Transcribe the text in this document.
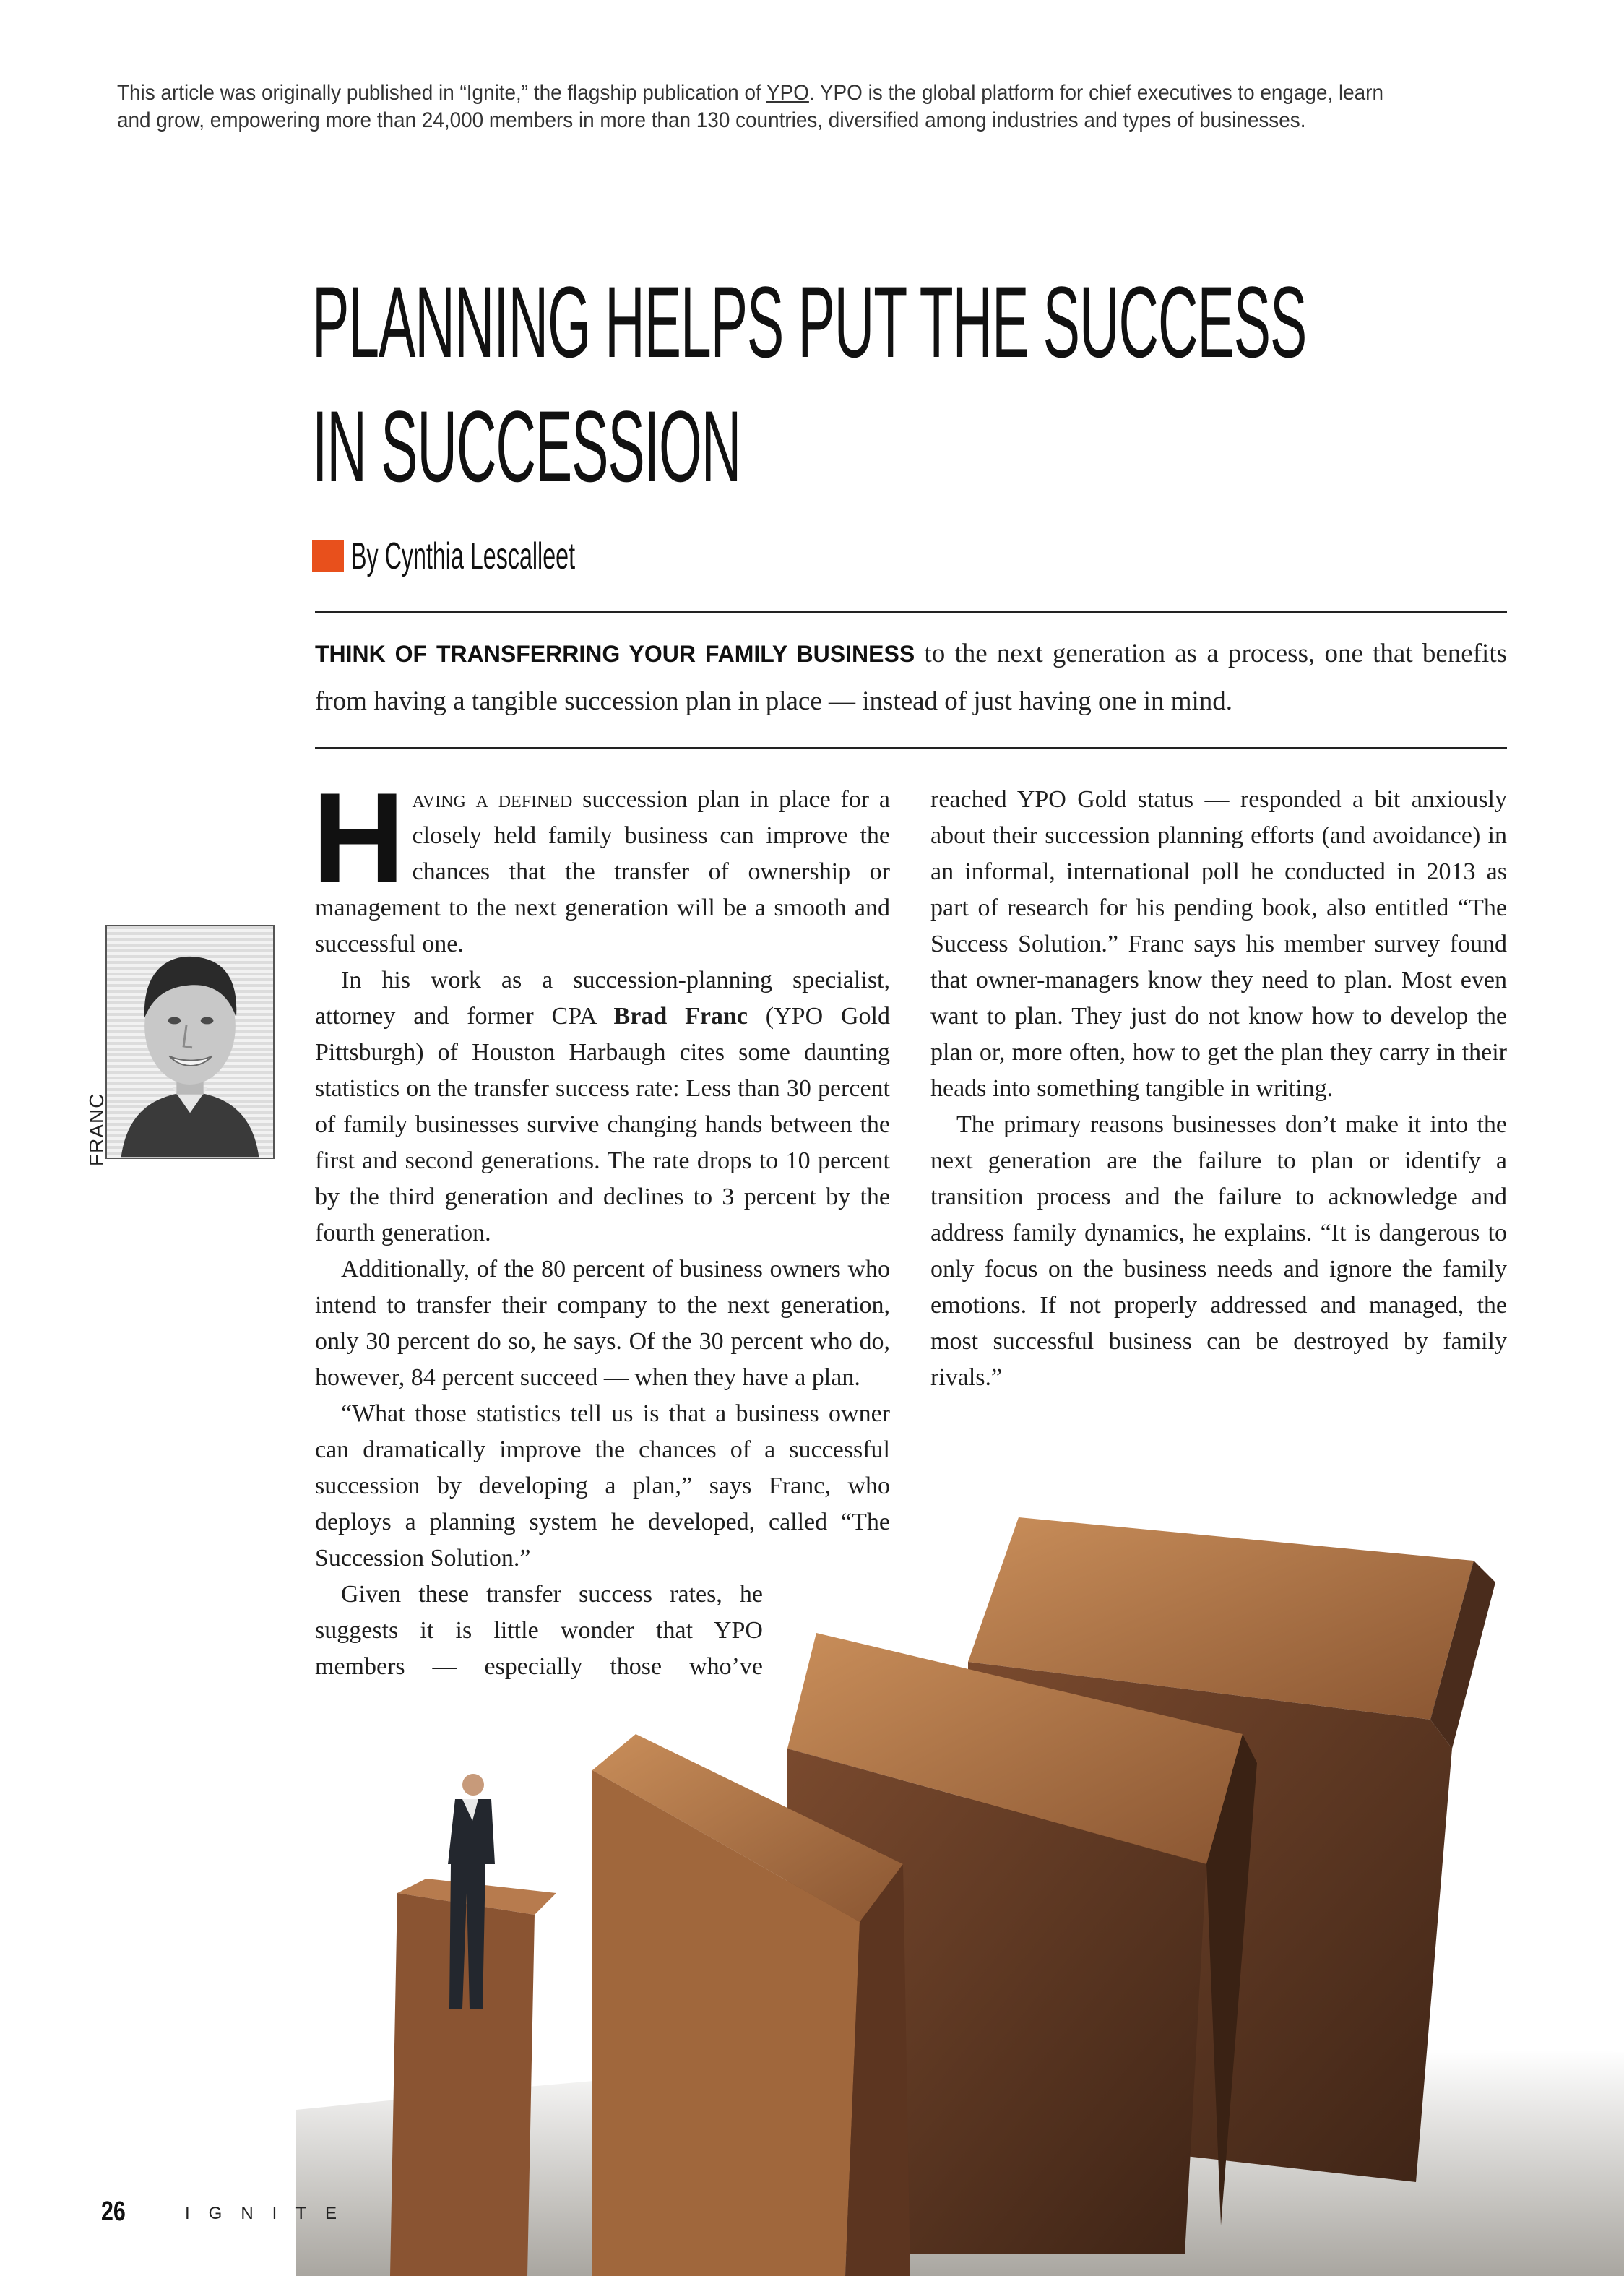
This article was originally published in “Ignite,” the flagship publication of YPO. YPO is the global platform for chief executives to engage, learn and grow, empowering more than 24,000 members in more than 130 countries, diversified among industries and types of businesses.
PLANNING HELPS PUT THE SUCCESS
IN SUCCESSION
By Cynthia Lescalleet
THINK OF TRANSFERRING YOUR FAMILY BUSINESS to the next generation as a process, one that benefits from having a tangible succession plan in place — instead of just having one in mind.
FRANC

Having a defined succession plan in place for a closely held family business can improve the chances that the transfer of ownership or management to the next generation will be a smooth and successful one.

In his work as a succession-planning specialist, attorney and former CPA Brad Franc (YPO Gold Pittsburgh) of Houston Harbaugh cites some daunting statistics on the transfer success rate: Less than 30 percent of family businesses survive changing hands between the first and second generations. The rate drops to 10 percent by the third generation and declines to 3 percent by the fourth generation.

Additionally, of the 80 percent of business owners who intend to transfer their company to the next generation, only 30 percent do so, he says. Of the 30 percent who do, however, 84 percent succeed — when they have a plan.

“What those statistics tell us is that a business owner can dramatically improve the chances of a successful succession by developing a plan,” says Franc, who deploys a planning system he developed, called “The Succession Solution.”

Given these transfer success rates, he suggests it is little wonder that YPO members — especially those who’ve

reached YPO Gold status — responded a bit anxiously about their succession planning efforts (and avoidance) in an informal, international poll he conducted in 2013 as part of research for his pending book, also entitled “The Success Solution.” Franc says his member survey found that owner-managers know they need to plan. Most even want to plan. They just do not know how to develop the plan or, more often, how to get the plan they carry in their heads into something tangible in writing.

The primary reasons businesses don’t make it into the next generation are the failure to plan or identify a transition process and the failure to acknowledge and address family dynamics, he explains. “It is dangerous to only focus on the business needs and ignore the family emotions. If not properly addressed and managed, the most successful business can be destroyed by family rivals.”

26	IGNITE
